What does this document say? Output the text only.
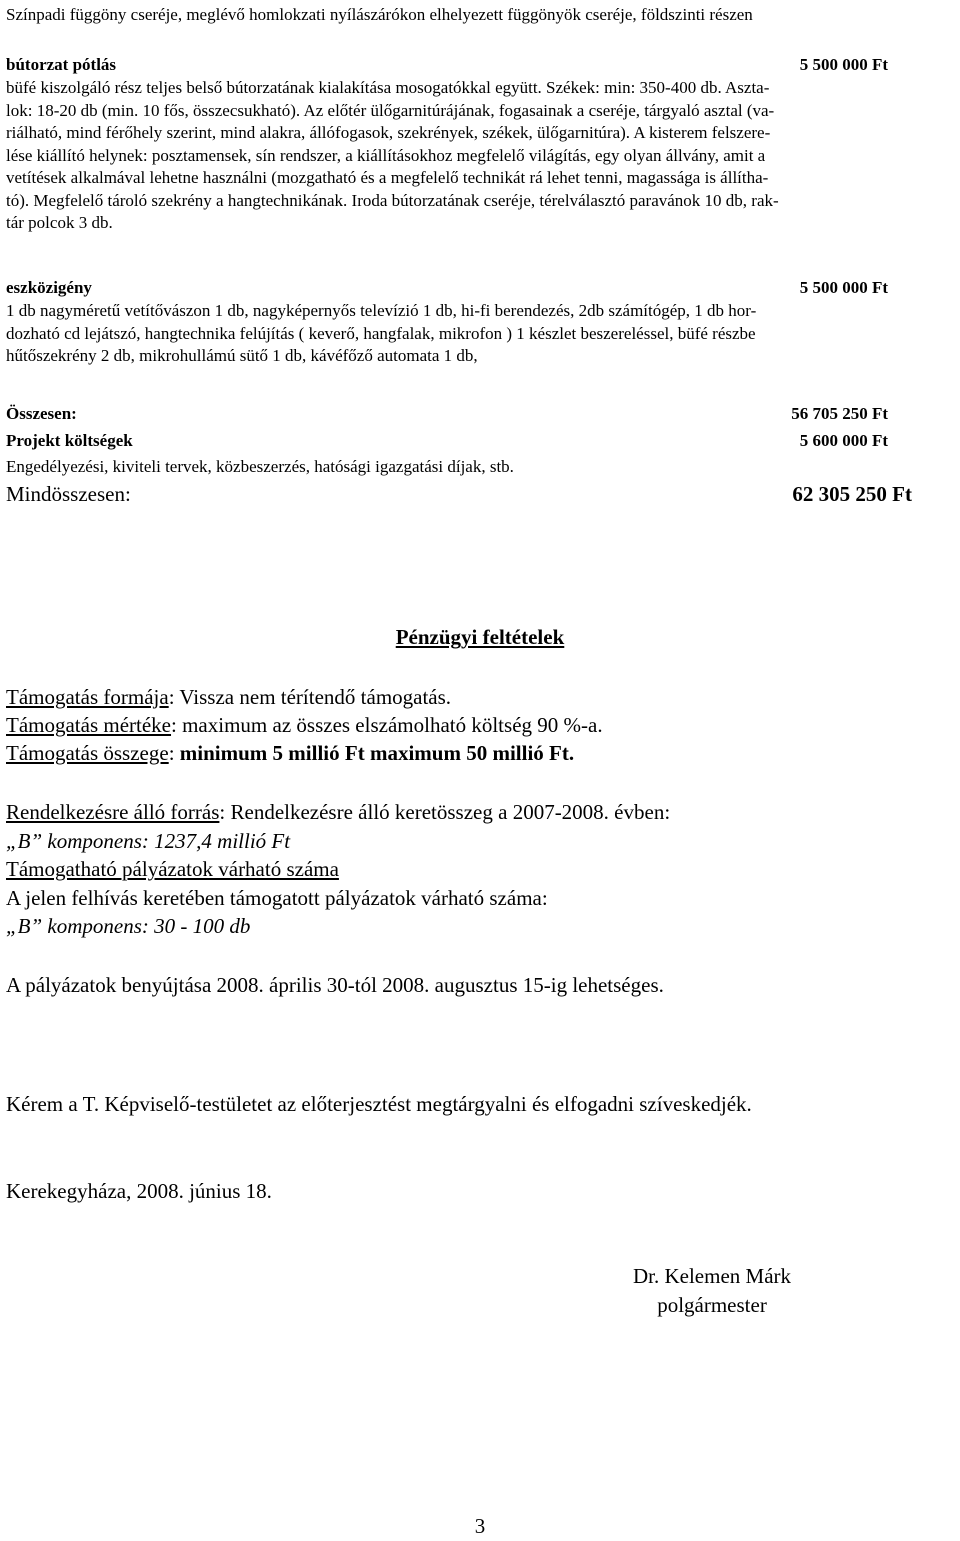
Színpadi függöny cseréje, meglévő homlokzati nyílászárókon elhelyezett függönyök cseréje, földszinti részen
bútorzat pótlás	5 500 000 Ft
büfé kiszolgáló rész teljes belső bútorzatának kialakítása mosogatókkal együtt. Székek: min: 350-400 db. Aszta-
lok: 18-20 db (min. 10 fős, összecsukható). Az előtér ülőgarnitúrájának, fogasainak a cseréje, tárgyaló asztal (va-
riálható, mind férőhely szerint, mind alakra, állófogasok, szekrények, székek, ülőgarnitúra). A kisterem felszere-
lése kiállító helynek: posztamensek, sín rendszer, a kiállításokhoz megfelelő világítás, egy olyan állvány, amit a
vetítések alkalmával lehetne használni (mozgatható és a megfelelő technikát rá lehet tenni, magassága is állítha-
tó). Megfelelő tároló szekrény a hangtechnikának. Iroda bútorzatának cseréje, térelválasztó paravánok 10 db, rak-
tár polcok 3 db.
eszközigény	5 500 000 Ft
1 db nagyméretű vetítővászon 1 db, nagyképernyős televízió 1 db, hi-fi berendezés, 2db számítógép, 1 db hor-
dozható cd lejátszó, hangtechnika felújítás ( keverő, hangfalak, mikrofon ) 1 készlet beszereléssel, büfé részbe
hűtőszekrény 2 db, mikrohullámú sütő 1 db, kávéfőző automata 1 db,
Összesen:	56 705 250 Ft
Projekt költségek	5 600 000 Ft
Engedélyezési, kiviteli tervek, közbeszerzés, hatósági igazgatási díjak, stb.
Mindösszesen:	62 305 250 Ft
Pénzügyi feltételek
Támogatás formája: Vissza nem térítendő támogatás.
Támogatás mértéke: maximum az összes elszámolható költség 90 %-a.
Támogatás összege: minimum 5 millió Ft maximum 50 millió Ft.
Rendelkezésre álló forrás: Rendelkezésre álló keretösszeg a 2007-2008. évben:
„B” komponens: 1237,4 millió Ft
Támogatható pályázatok várható száma
A jelen felhívás keretében támogatott pályázatok várható száma:
„B” komponens: 30 - 100 db
A pályázatok benyújtása 2008. április 30-tól 2008. augusztus 15-ig lehetséges.
Kérem a T. Képviselő-testületet az előterjesztést megtárgyalni és elfogadni szíveskedjék.
Kerekegyháza, 2008. június 18.
Dr. Kelemen Márk
polgármester
3
